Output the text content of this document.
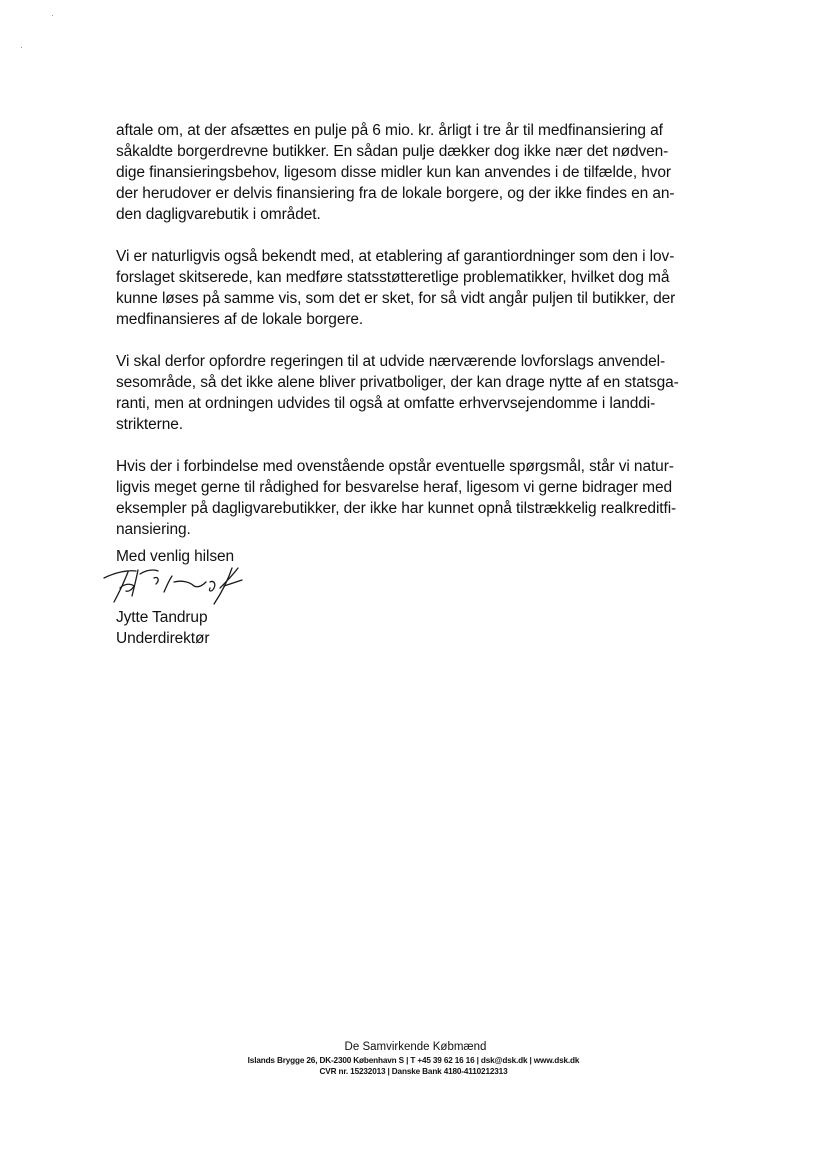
aftale om, at der afsættes en pulje på 6 mio. kr. årligt i tre år til medfinansiering af
såkaldte borgerdrevne butikker. En sådan pulje dækker dog ikke nær det nødven-
dige finansieringsbehov, ligesom disse midler kun kan anvendes i de tilfælde, hvor
der herudover er delvis finansiering fra de lokale borgere, og der ikke findes en an-
den dagligvarebutik i området.
Vi er naturligvis også bekendt med, at etablering af garantiordninger som den i lov-
forslaget skitserede, kan medføre statsstøtteretlige problematikker, hvilket dog må
kunne løses på samme vis, som det er sket, for så vidt angår puljen til butikker, der
medfinansieres af de lokale borgere.
Vi skal derfor opfordre regeringen til at udvide nærværende lovforslags anvendel-
sesområde, så det ikke alene bliver privatboliger, der kan drage nytte af en statsga-
ranti, men at ordningen udvides til også at omfatte erhvervsejendomme i landdi-
strikterne.
Hvis der i forbindelse med ovenstående opstår eventuelle spørgsmål, står vi natur-
ligvis meget gerne til rådighed for besvarelse heraf, ligesom vi gerne bidrager med
eksempler på dagligvarebutikker, der ikke har kunnet opnå tilstrækkelig realkreditfi-
nansiering.
Med venlig hilsen
Jytte Tandrup
Underdirektør
De Samvirkende Købmænd
Islands Brygge 26, DK-2300 København S | T +45 39 62 16 16 | dsk@dsk.dk | www.dsk.dk
CVR nr. 15232013 | Danske Bank 4180-4110212313
